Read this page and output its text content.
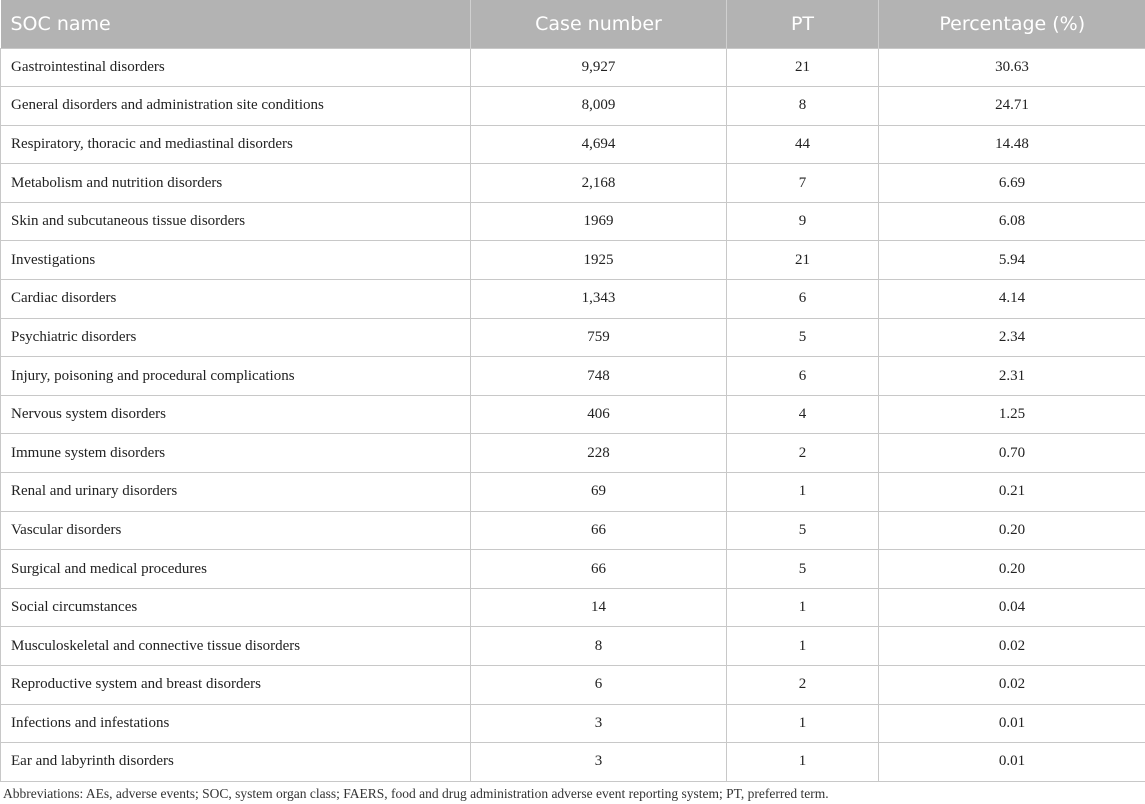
SOC name	Case number	PT	Percentage (%)
Gastrointestinal disorders	9,927	21	30.63
General disorders and administration site conditions	8,009	8	24.71
Respiratory, thoracic and mediastinal disorders	4,694	44	14.48
Metabolism and nutrition disorders	2,168	7	6.69
Skin and subcutaneous tissue disorders	1969	9	6.08
Investigations	1925	21	5.94
Cardiac disorders	1,343	6	4.14
Psychiatric disorders	759	5	2.34
Injury, poisoning and procedural complications	748	6	2.31
Nervous system disorders	406	4	1.25
Immune system disorders	228	2	0.70
Renal and urinary disorders	69	1	0.21
Vascular disorders	66	5	0.20
Surgical and medical procedures	66	5	0.20
Social circumstances	14	1	0.04
Musculoskeletal and connective tissue disorders	8	1	0.02
Reproductive system and breast disorders	6	2	0.02
Infections and infestations	3	1	0.01
Ear and labyrinth disorders	3	1	0.01
Abbreviations: AEs, adverse events; SOC, system organ class; FAERS, food and drug administration adverse event reporting system; PT, preferred term.
